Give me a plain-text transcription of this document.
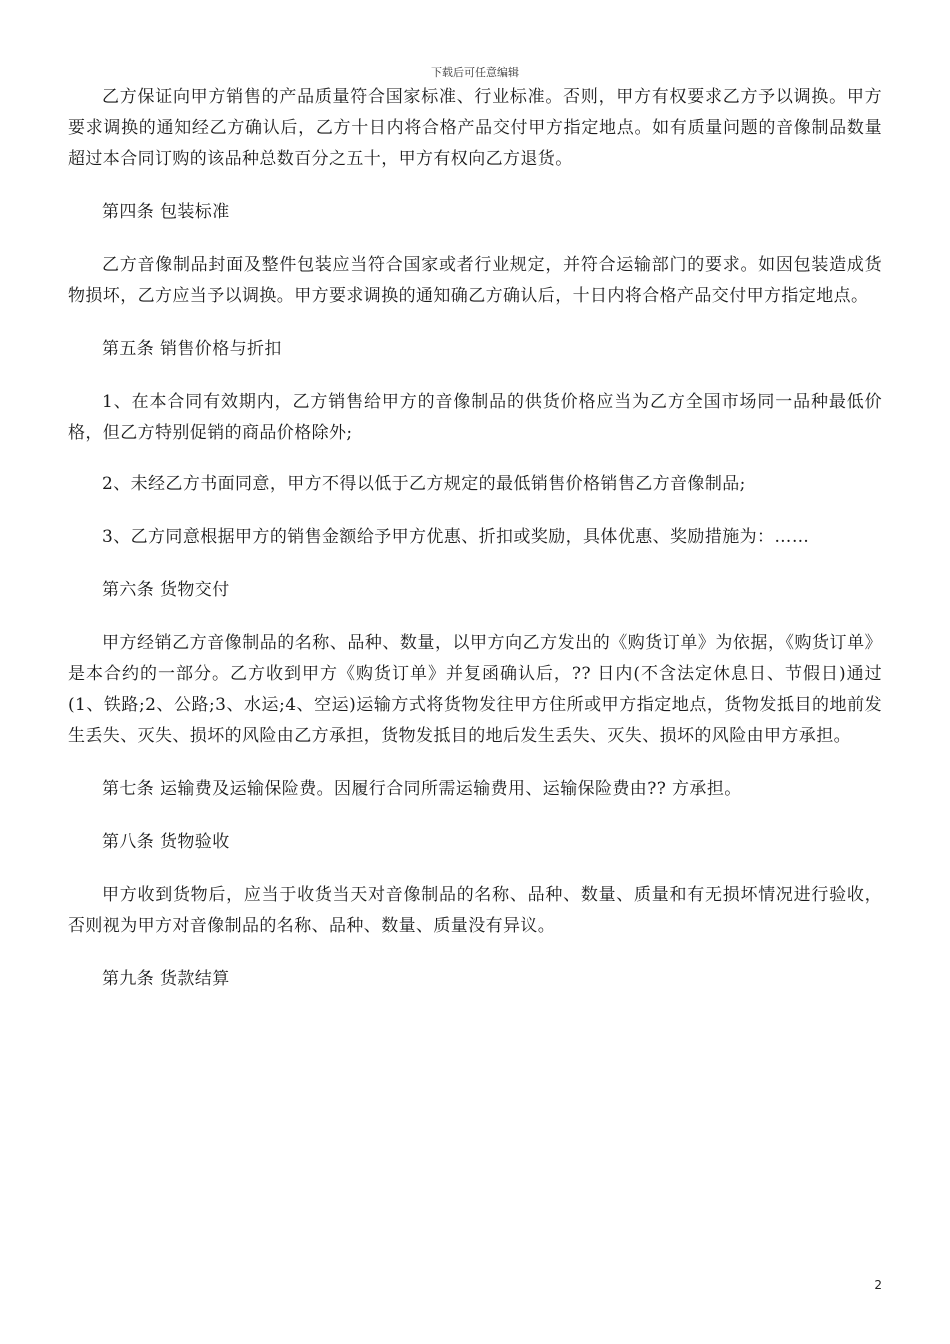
下载后可任意编辑

乙方保证向甲方销售的产品质量符合国家标准、行业标准。否则，甲方有权要求乙方予以调换。甲方要求调换的通知经乙方确认后，乙方十日内将合格产品交付甲方指定地点。如有质量问题的音像制品数量超过本合同订购的该品种总数百分之五十，甲方有权向乙方退货。

第四条 包装标准

乙方音像制品封面及整件包装应当符合国家或者行业规定，并符合运输部门的要求。如因包装造成货物损坏，乙方应当予以调换。甲方要求调换的通知确乙方确认后，十日内将合格产品交付甲方指定地点。

第五条 销售价格与折扣

1、在本合同有效期内，乙方销售给甲方的音像制品的供货价格应当为乙方全国市场同一品种最低价格，但乙方特别促销的商品价格除外;

2、未经乙方书面同意，甲方不得以低于乙方规定的最低销售价格销售乙方音像制品;

3、乙方同意根据甲方的销售金额给予甲方优惠、折扣或奖励，具体优惠、奖励措施为：……

第六条 货物交付

甲方经销乙方音像制品的名称、品种、数量，以甲方向乙方发出的《购货订单》为依据，《购货订单》是本合约的一部分。乙方收到甲方《购货订单》并复函确认后，?? 日内(不含法定休息日、节假日)通过(1、铁路;2、公路;3、水运;4、空运)运输方式将货物发往甲方住所或甲方指定地点，货物发抵目的地前发生丢失、灭失、损坏的风险由乙方承担，货物发抵目的地后发生丢失、灭失、损坏的风险由甲方承担。

第七条 运输费及运输保险费。因履行合同所需运输费用、运输保险费由?? 方承担。

第八条 货物验收

甲方收到货物后，应当于收货当天对音像制品的名称、品种、数量、质量和有无损坏情况进行验收，否则视为甲方对音像制品的名称、品种、数量、质量没有异议。

第九条 货款结算

2
